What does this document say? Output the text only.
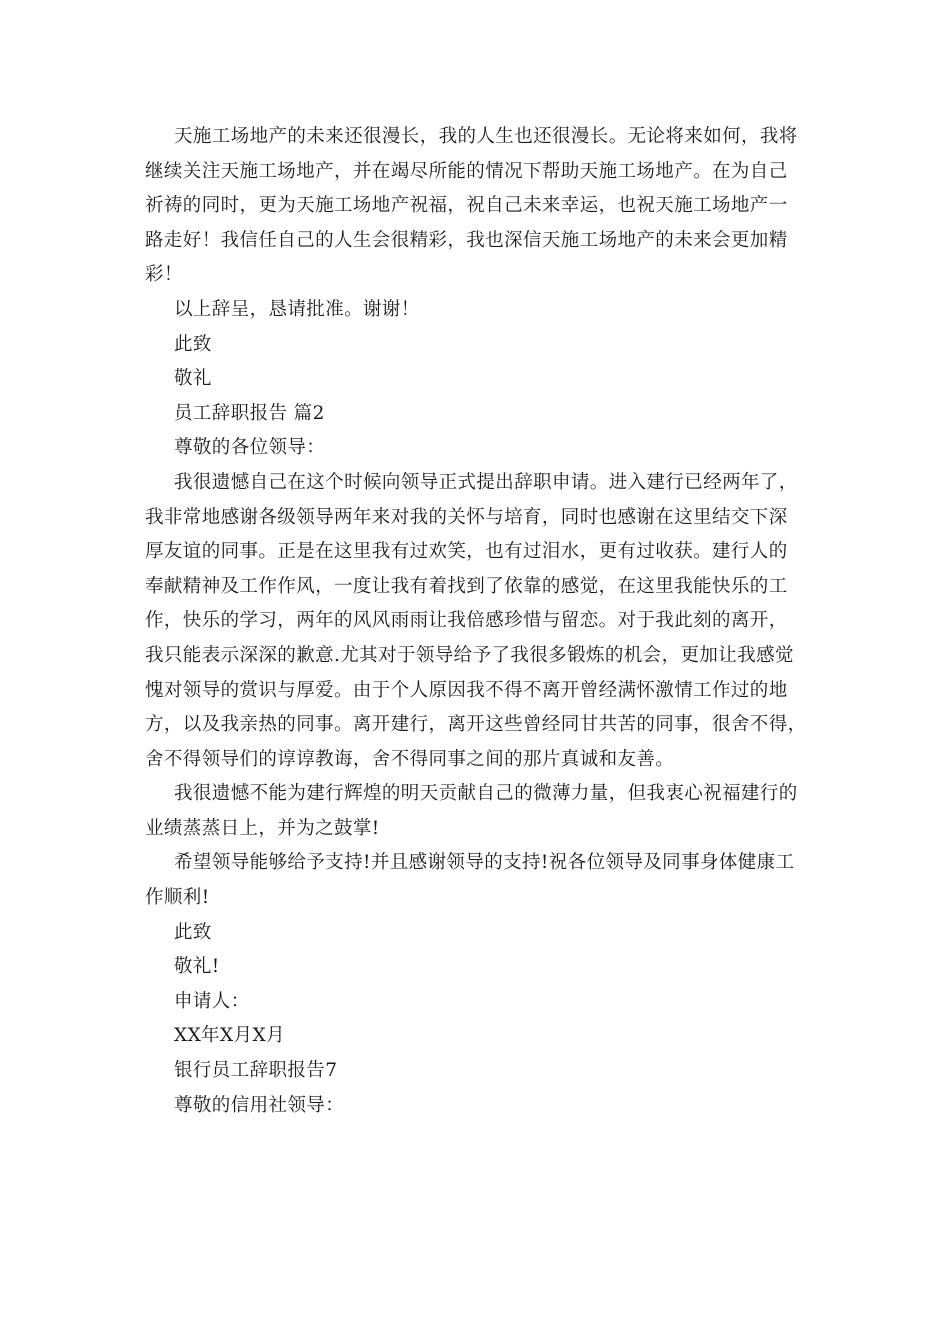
天施工场地产的未来还很漫长，我的人生也还很漫长。无论将来如何，我将
继续关注天施工场地产，并在竭尽所能的情况下帮助天施工场地产。在为自己
祈祷的同时，更为天施工场地产祝福，祝自己未来幸运，也祝天施工场地产一
路走好！我信任自己的人生会很精彩，我也深信天施工场地产的未来会更加精
彩！
以上辞呈，恳请批准。谢谢！
此致
敬礼
员工辞职报告 篇2
尊敬的各位领导：
我很遗憾自己在这个时候向领导正式提出辞职申请。进入建行已经两年了，
我非常地感谢各级领导两年来对我的关怀与培育，同时也感谢在这里结交下深
厚友谊的同事。正是在这里我有过欢笑，也有过泪水，更有过收获。建行人的
奉献精神及工作作风，一度让我有着找到了依靠的感觉，在这里我能快乐的工
作，快乐的学习，两年的风风雨雨让我倍感珍惜与留恋。对于我此刻的离开，
我只能表示深深的歉意.尤其对于领导给予了我很多锻炼的机会，更加让我感觉
愧对领导的赏识与厚爱。由于个人原因我不得不离开曾经满怀激情工作过的地
方，以及我亲热的同事。离开建行，离开这些曾经同甘共苦的同事，很舍不得，
舍不得领导们的谆谆教诲，舍不得同事之间的那片真诚和友善。
我很遗憾不能为建行辉煌的明天贡献自己的微薄力量，但我衷心祝福建行的
业绩蒸蒸日上，并为之鼓掌!
希望领导能够给予支持!并且感谢领导的支持!祝各位领导及同事身体健康工
作顺利!
此致
敬礼!
申请人：
XX年X月X月
银行员工辞职报告7
尊敬的信用社领导：
